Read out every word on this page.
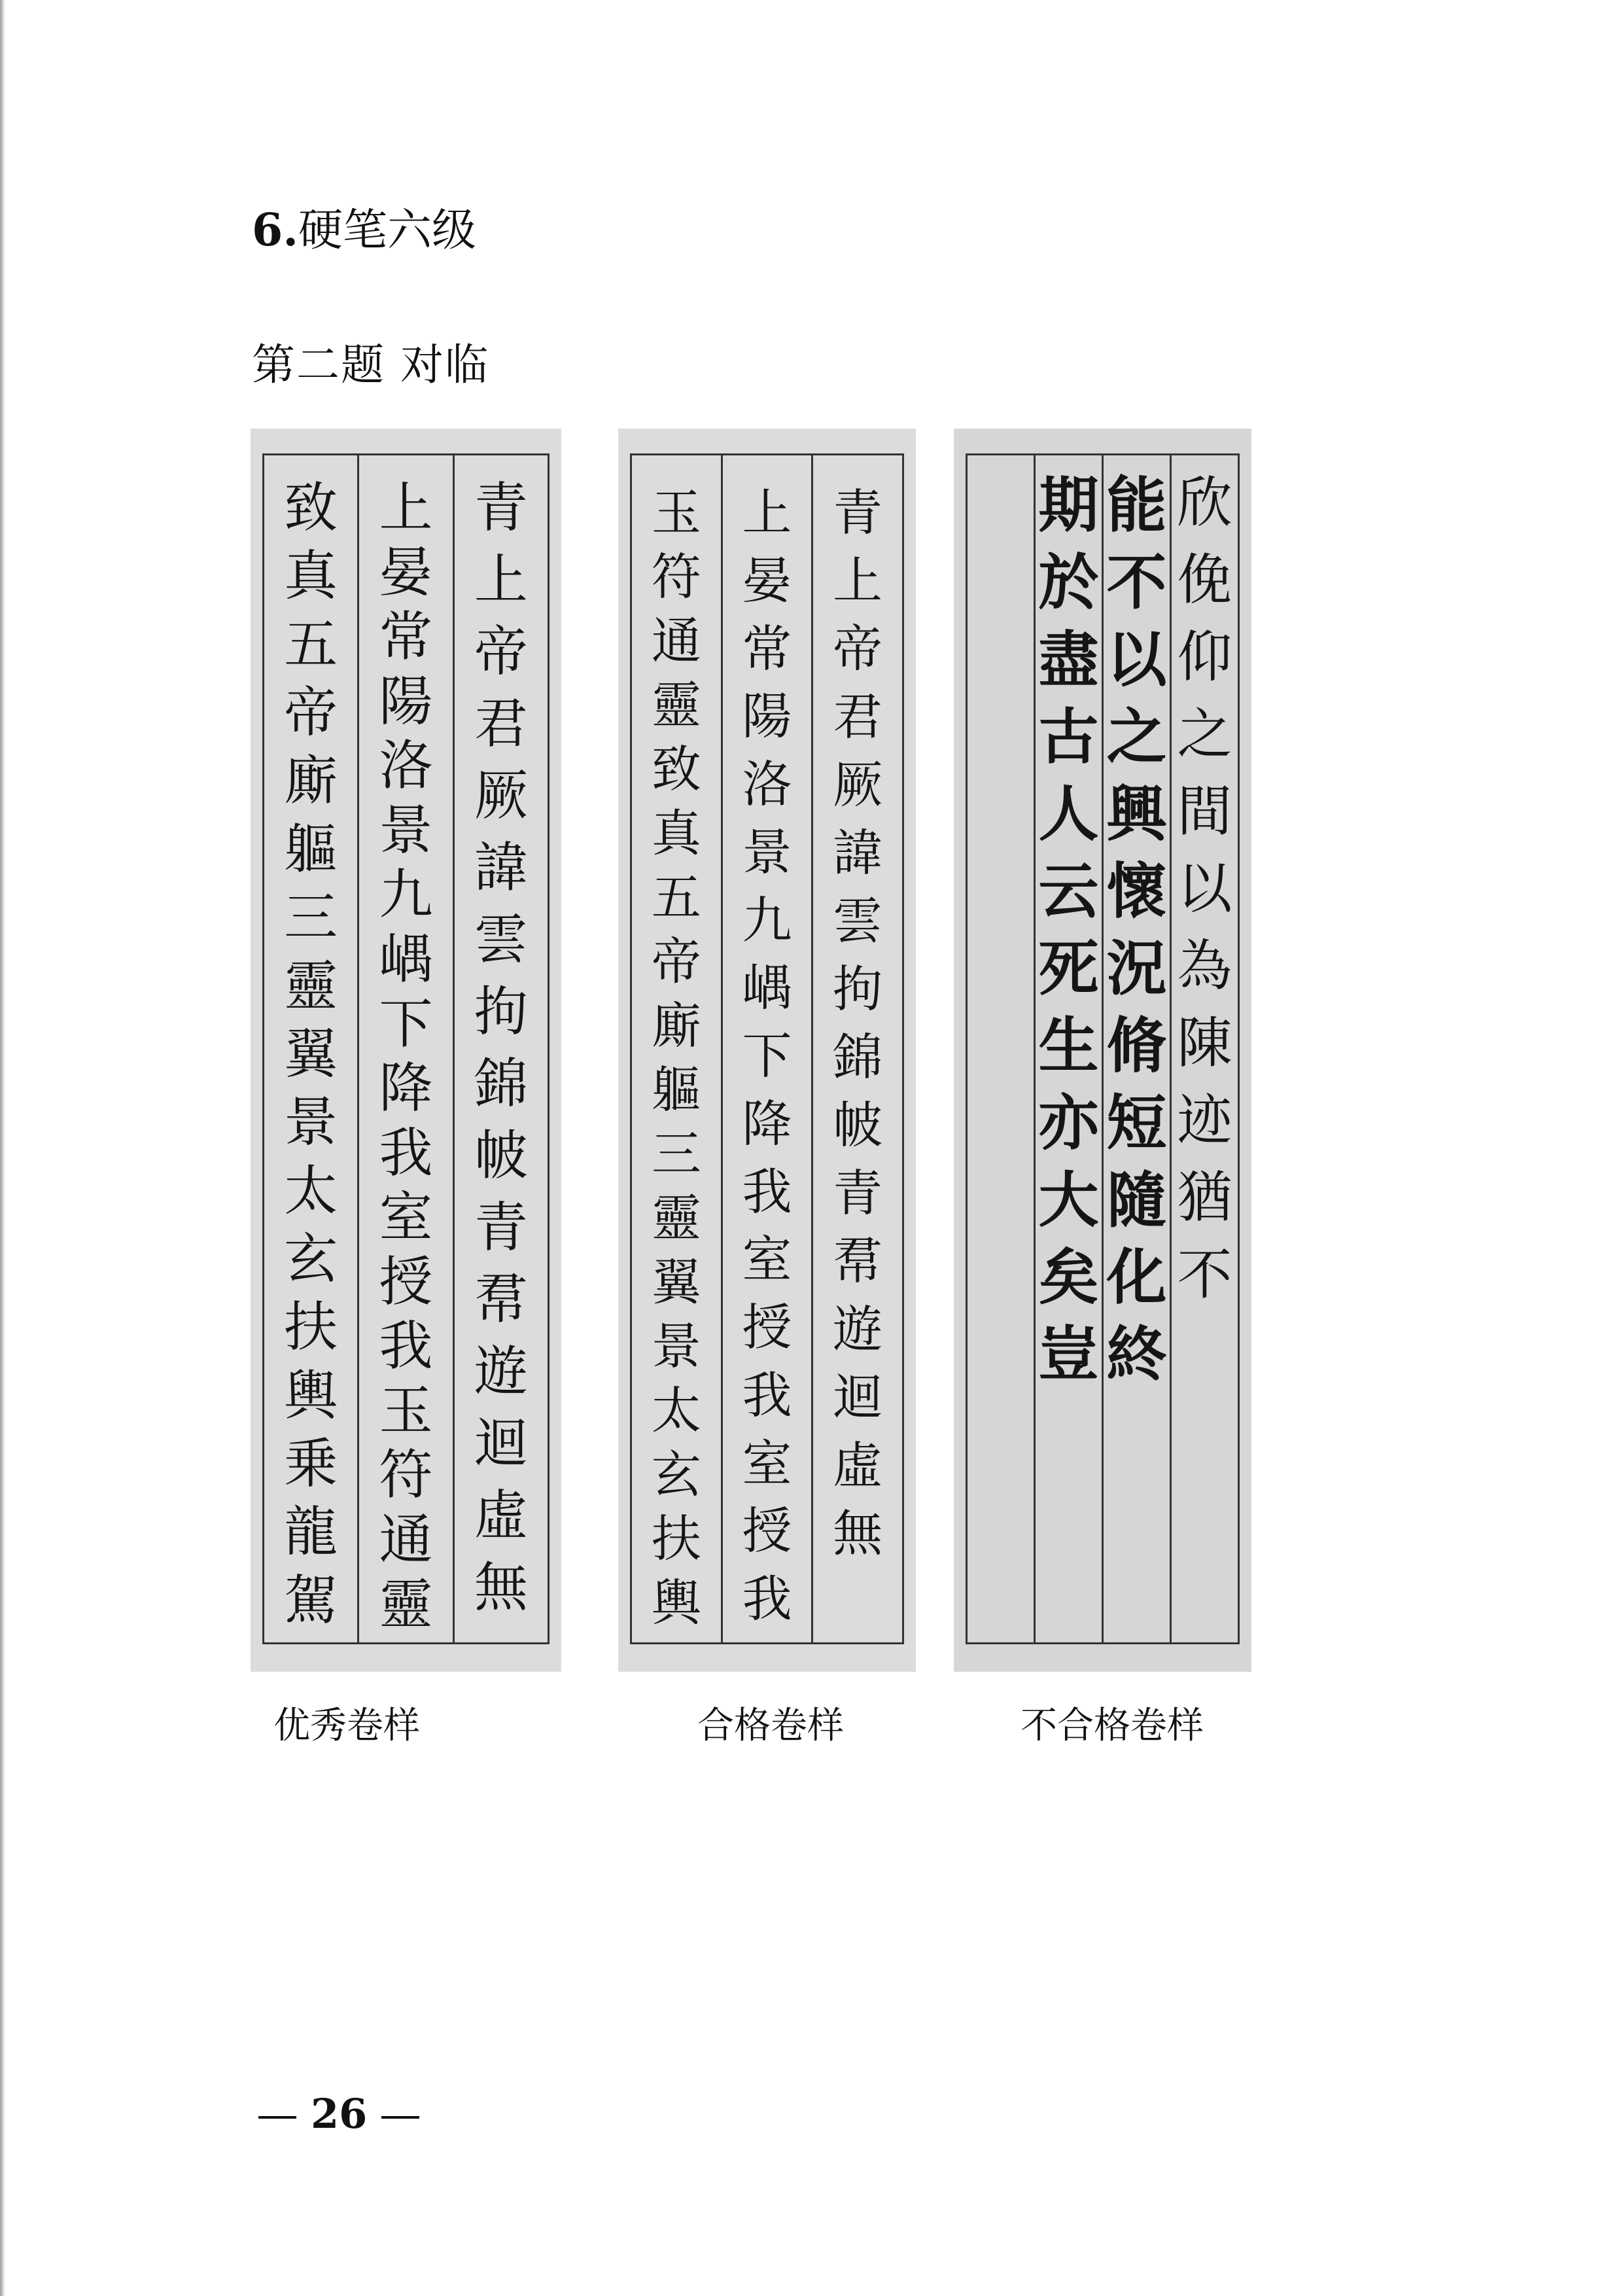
6.硬笔六级
第二题 对临
青
上
帝
君
厥
諱
雲
拘
錦
帔
青
帬
遊
迴
虛
無
上
晏
常
陽
洛
景
九
嵎
下
降
我
室
授
我
玉
符
通
靈
致
真
五
帝
廝
軀
三
靈
翼
景
太
玄
扶
輿
乗
龍
駕
青
上
帝
君
厥
諱
雲
拘
錦
帔
青
帬
遊
迴
虛
無
上
晏
常
陽
洛
景
九
嵎
下
降
我
室
授
我
室
授
我
玉
符
通
靈
致
真
五
帝
廝
軀
三
靈
翼
景
太
玄
扶
輿
欣
俛
仰
之
間
以
為
陳
迹
猶
不
能
不
以
之
興
懷
況
脩
短
隨
化
終
期
於
盡
古
人
云
死
生
亦
大
矣
豈
优秀卷样	合格卷样	不合格卷样
26
